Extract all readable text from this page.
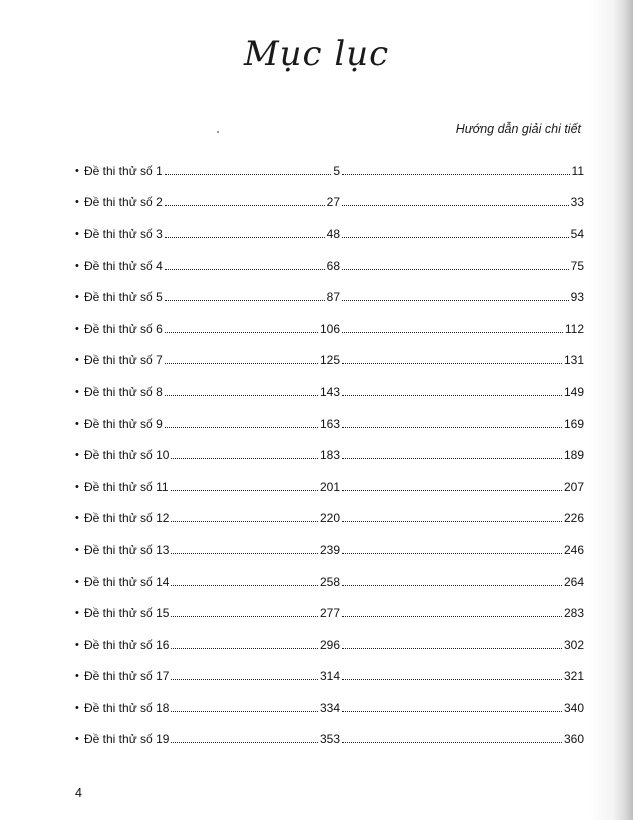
Mục lục
Hướng dẫn giải chi tiết
• Đề thi thử số 1	5	11
• Đề thi thử số 2	27	33
• Đề thi thử số 3	48	54
• Đề thi thử số 4	68	75
• Đề thi thử số 5	87	93
• Đề thi thử số 6	106	112
• Đề thi thử số 7	125	131
• Đề thi thử số 8	143	149
• Đề thi thử số 9	163	169
• Đề thi thử số 10	183	189
• Đề thi thử số 11	201	207
• Đề thi thử số 12	220	226
• Đề thi thử số 13	239	246
• Đề thi thử số 14	258	264
• Đề thi thử số 15	277	283
• Đề thi thử số 16	296	302
• Đề thi thử số 17	314	321
• Đề thi thử số 18	334	340
• Đề thi thử số 19	353	360
4
